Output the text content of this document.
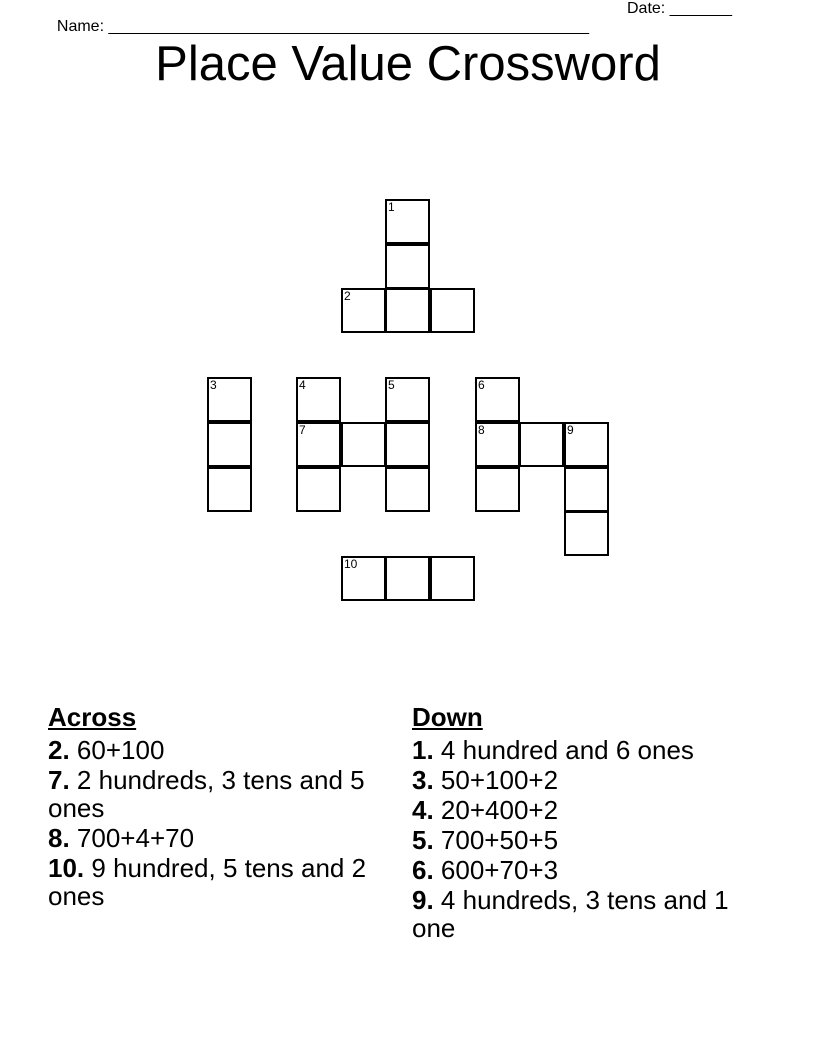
Name: ______________________________________________________

Date: _______

Place Value Crossword
1
2
3	4
7
5	6
8	9
10
Across
2. 60+100
7. 2 hundreds, 3 tens and 5 ones
8. 700+4+70
10. 9 hundred, 5 tens and 2 ones
Down
1. 4 hundred and 6 ones
3. 50+100+2
4. 20+400+2
5. 700+50+5
6. 600+70+3
9. 4 hundreds, 3 tens and 1 one
